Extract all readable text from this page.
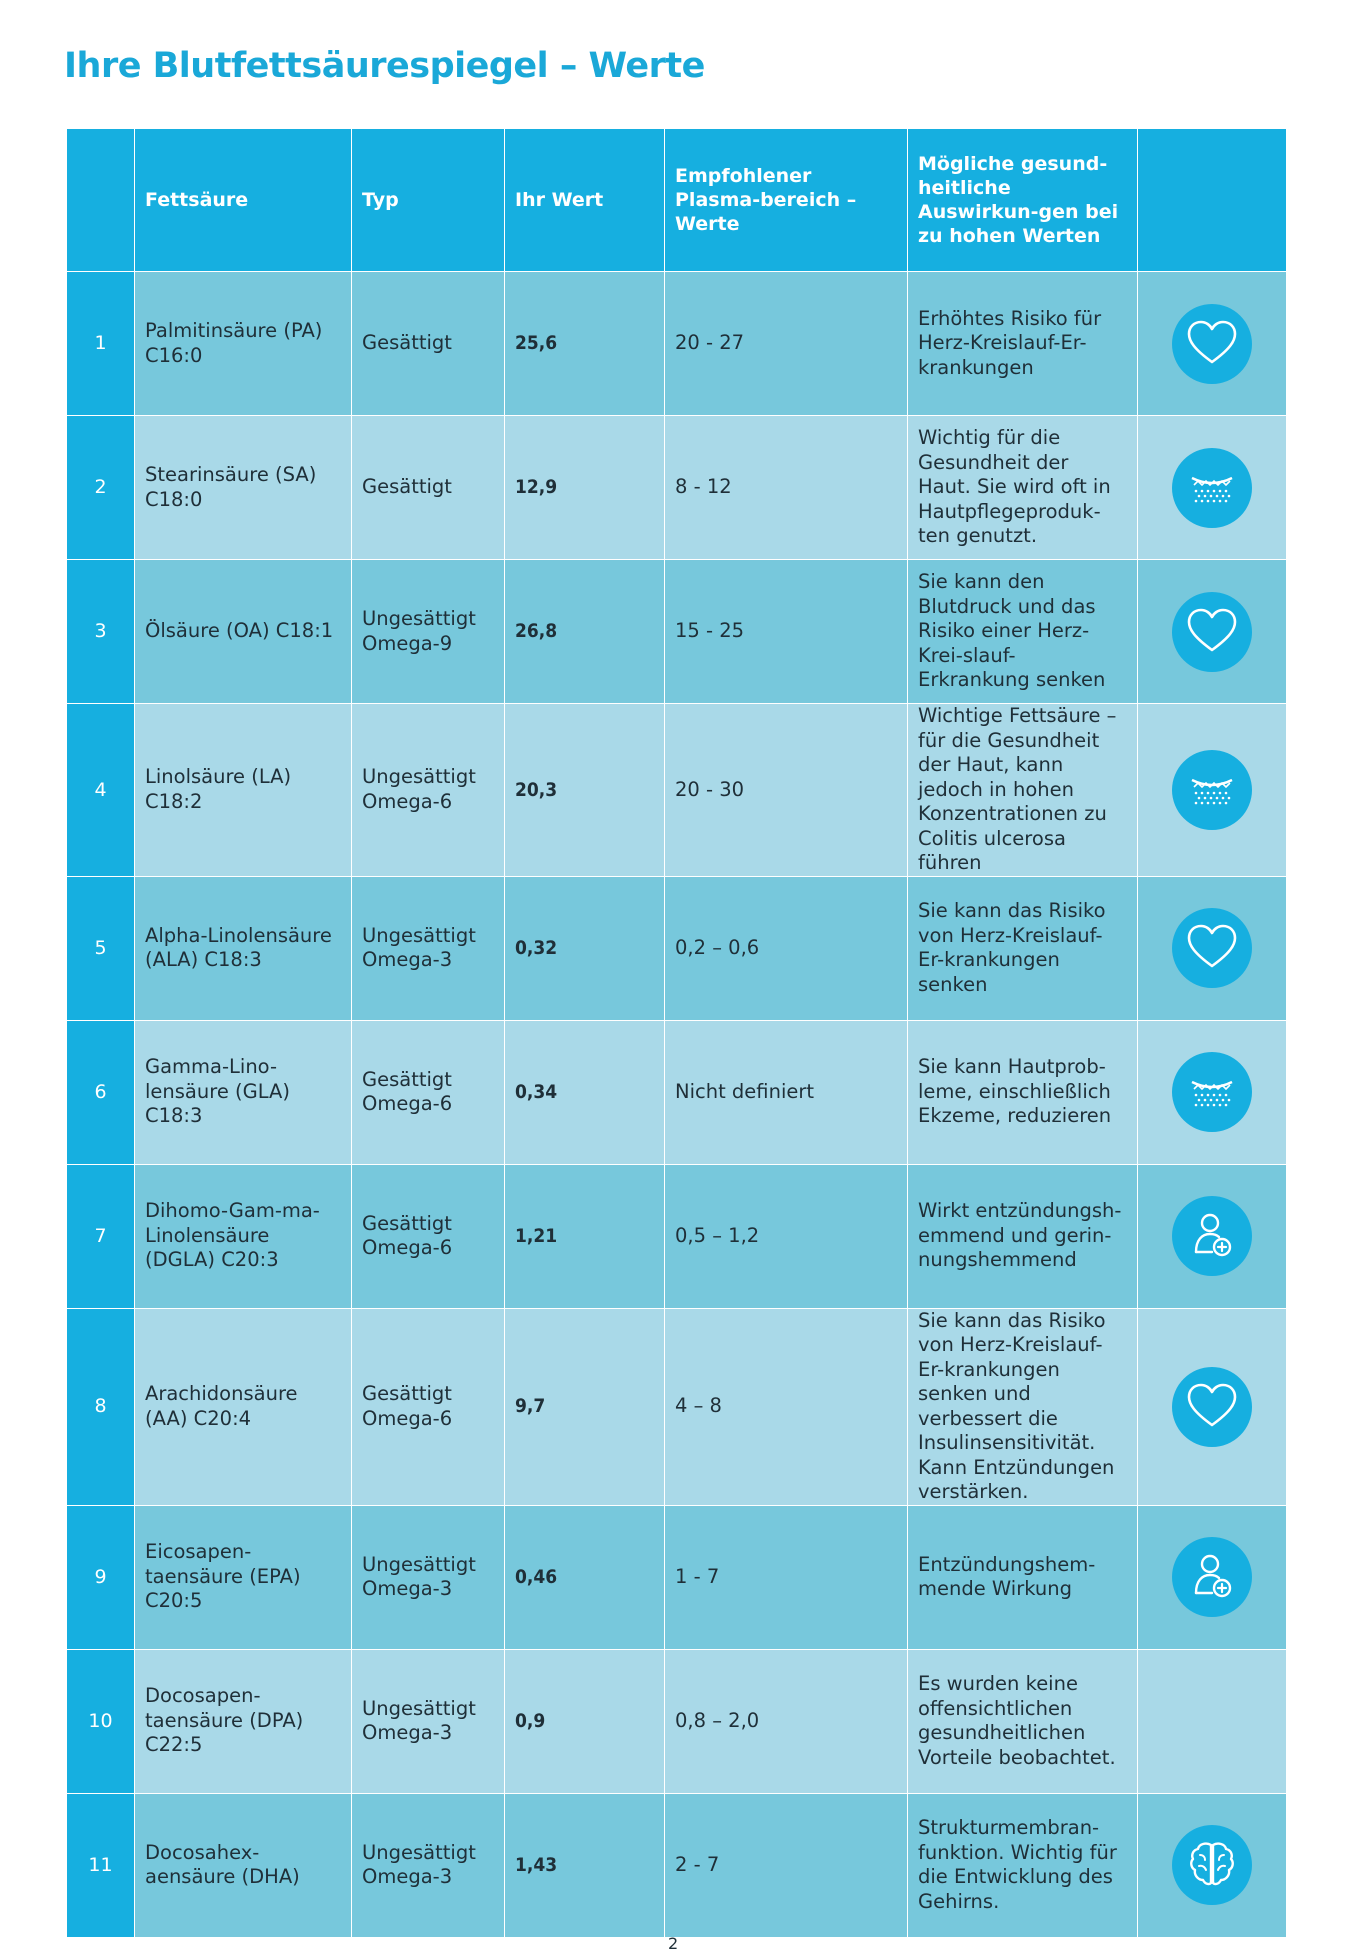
Ihre Blutfettsäurespiegel – Werte
	Fettsäure	Typ	Ihr Wert	Empfohlener Plasma-bereich – Werte	Mögliche gesund-heitliche Auswirkun-gen bei zu hohen Werten	
1	Palmitinsäure (PA) C16:0	Gesättigt	25,6	20 - 27	Erhöhtes Risiko für Herz-Kreislauf-Er-krankungen	

2	Stearinsäure (SA) C18:0	Gesättigt	12,9	8 - 12	Wichtig für die Gesundheit der Haut. Sie wird oft in Hautpflegeproduk-ten genutzt.	

3	Ölsäure (OA) C18:1	Ungesättigt Omega-9	26,8	15 - 25	Sie kann den Blutdruck und das Risiko einer Herz-Krei-slauf-Erkrankung senken	

4	Linolsäure (LA) C18:2	Ungesättigt Omega-6	20,3	20 - 30	Wichtige Fettsäure – für die Gesundheit der Haut, kann jedoch in hohen Konzentrationen zu Colitis ulcerosa führen	

5	Alpha-Linolensäure (ALA) C18:3	Ungesättigt Omega-3	0,32	0,2 – 0,6	Sie kann das Risiko von Herz-Kreislauf-Er-krankungen senken	

6	Gamma-Lino-lensäure (GLA) C18:3	Gesättigt Omega-6	0,34	Nicht definiert	Sie kann Hautprob-leme, einschließlich Ekzeme, reduzieren	

7	Dihomo-Gam-ma-Linolensäure (DGLA) C20:3	Gesättigt Omega-6	1,21	0,5 – 1,2	Wirkt entzündungsh-emmend und gerin-nungshemmend	

8	Arachidonsäure (AA) C20:4	Gesättigt Omega-6	9,7	4 – 8	Sie kann das Risiko von Herz-Kreislauf-Er-krankungen senken und verbessert die Insulinsensitivität. Kann Entzündungen verstärken.	

9	Eicosapen-taensäure (EPA) C20:5	Ungesättigt Omega-3	0,46	1 - 7	Entzündungshem-mende Wirkung	

10	Docosapen-taensäure (DPA) C22:5	Ungesättigt Omega-3	0,9	0,8 – 2,0	Es wurden keine offensichtlichen gesundheitlichen Vorteile beobachtet.	
11	Docosahex-aensäure (DHA)	Ungesättigt Omega-3	1,43	2 - 7	Strukturmembran-funktion. Wichtig für die Entwicklung des Gehirns.	
2
